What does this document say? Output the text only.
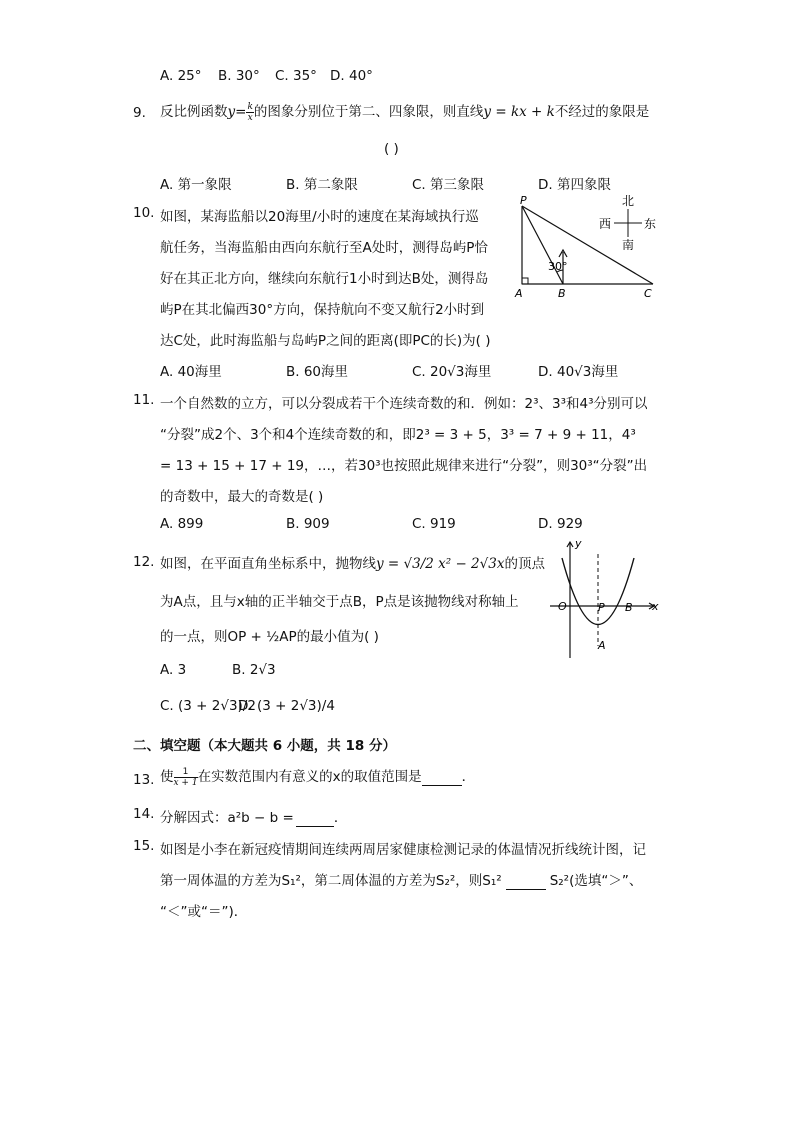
A. 25° B. 30° C. 35° D. 40°
9. 反比例函数$y= \frac{k}{x}$ 的图象分别位于第二、四象限，则直线y = kx + k不经过的象限是
( )
A. 第一象限	B. 第二象限	C. 第三象限	D. 第四象限
10. 如图，某海监船以20海里/小时的速度在某海域执行巡
航任务，当海监船由西向东航行至A处时，测得岛屿P恰
好在其正北方向，继续向东航行1小时到达B处，测得岛
屿P在其北偏西30°方向，保持航向不变又航行2小时到
达C处，此时海监船与岛屿P之间的距离(即PC的长)为( )
A. 40海里	B. 60海里	C. 20√3海里	D. 40√3海里
30°
P
A	B	C
北
南
西	东
11. 一个自然数的立方，可以分裂成若干个连续奇数的和．例如：2³、3³和4³分别可以
“分裂”成2个、3个和4个连续奇数的和，即2³ = 3 + 5，3³ = 7 + 9 + 11，4³
= 13 + 15 + 17 + 19，…，若30³也按照此规律来进行“分裂”，则30³“分裂”出
的奇数中，最大的奇数是( )
A. 899	B. 909	C. 919	D. 929
12. 如图，在平面直角坐标系中，抛物线y = √3/2 x² − 2√3x的顶点
为A点，且与x轴的正半轴交于点B，P点是该抛物线对称轴上
的一点，则OP + ½AP的最小值为( )
A. 3	B. 2√3
C. (3 + 2√3)/2
D. (3 + 2√3)/4
y
x
O	P B
A
二、填空题（本大题共 6 小题，共 18 分）
13. 使 $\frac{1}{x + 1}$ 在实数范围内有意义的x的取值范围是	．
14. 分解因式：a²b − b =	．
15. 如图是小李在新冠疫情期间连续两周居家健康检测记录的体温情况折线统计图，记
第一周体温的方差为S₁²，第二周体温的方差为S₂²，则S₁²	S₂²(选填“＞”、
“＜”或“＝”)．
